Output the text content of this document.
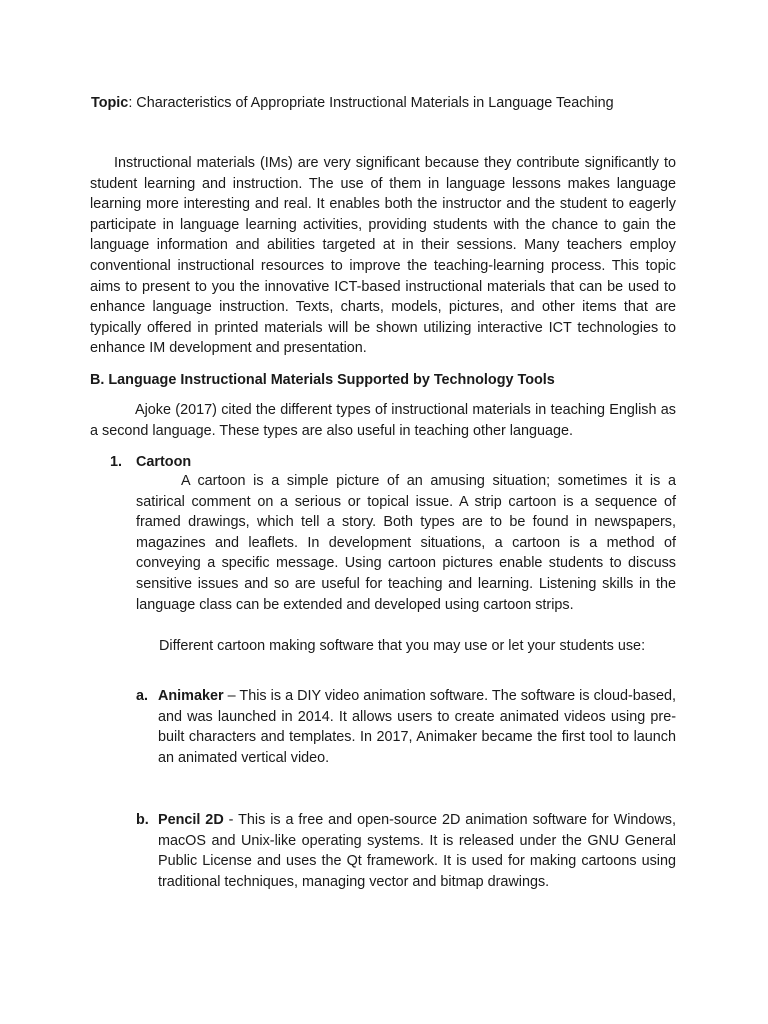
Topic: Characteristics of Appropriate Instructional Materials in Language Teaching
Instructional materials (IMs) are very significant because they contribute significantly to student learning and instruction. The use of them in language lessons makes language learning more interesting and real. It enables both the instructor and the student to eagerly participate in language learning activities, providing students with the chance to gain the language information and abilities targeted at in their sessions. Many teachers employ conventional instructional resources to improve the teaching-learning process. This topic aims to present to you the innovative ICT-based instructional materials that can be used to enhance language instruction. Texts, charts, models, pictures, and other items that are typically offered in printed materials will be shown utilizing interactive ICT technologies to enhance IM development and presentation.
B. Language Instructional Materials Supported by Technology Tools
Ajoke (2017) cited the different types of instructional materials in teaching English as a second language. These types are also useful in teaching other language.
1. Cartoon
A cartoon is a simple picture of an amusing situation; sometimes it is a satirical comment on a serious or topical issue. A strip cartoon is a sequence of framed drawings, which tell a story. Both types are to be found in newspapers, magazines and leaflets. In development situations, a cartoon is a method of conveying a specific message. Using cartoon pictures enable students to discuss sensitive issues and so are useful for teaching and learning. Listening skills in the language class can be extended and developed using cartoon strips.
Different cartoon making software that you may use or let your students use:
a. Animaker – This is a DIY video animation software. The software is cloud-based, and was launched in 2014. It allows users to create animated videos using pre-built characters and templates. In 2017, Animaker became the first tool to launch an animated vertical video.
b. Pencil 2D - This is a free and open-source 2D animation software for Windows, macOS and Unix-like operating systems. It is released under the GNU General Public License and uses the Qt framework. It is used for making cartoons using traditional techniques, managing vector and bitmap drawings.
